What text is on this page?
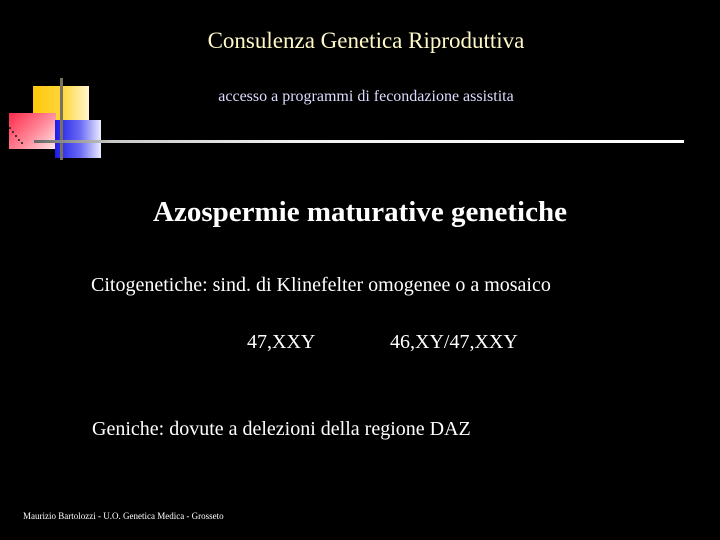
Consulenza Genetica Riproduttiva
accesso a programmi di fecondazione assistita
Azospermie maturative genetiche
Citogenetiche: sind. di Klinefelter omogenee o a mosaico
47,XXY	46,XY/47,XXY
Geniche: dovute a delezioni della regione DAZ
Maurizio Bartolozzi - U.O. Genetica Medica - Grosseto
